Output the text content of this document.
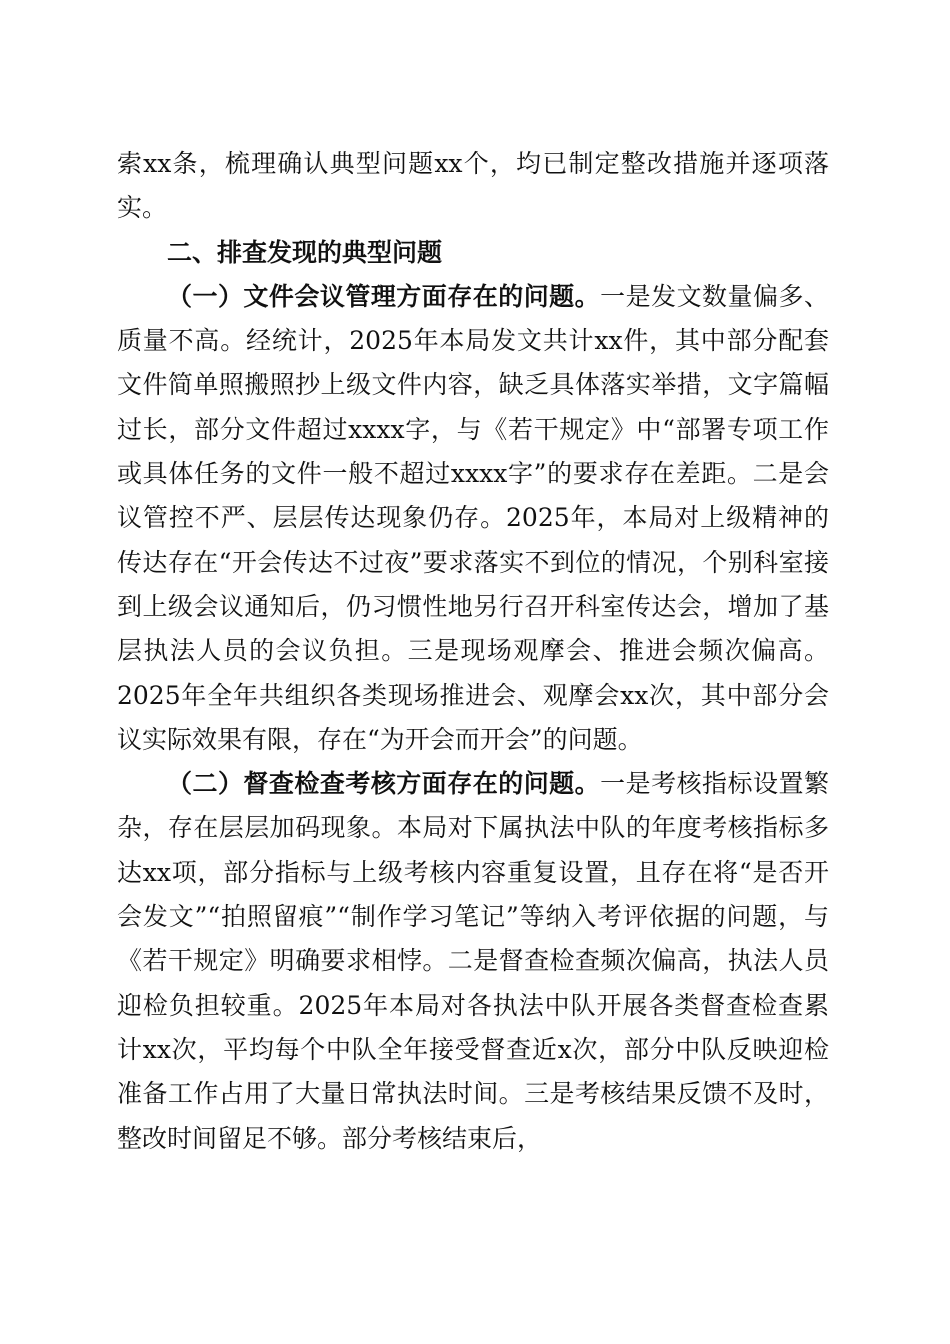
索xx条，梳理确认典型问题xx个，均已制定整改措施并逐项落实。

二、排查发现的典型问题

（一）文件会议管理方面存在的问题。一是发文数量偏多、质量不高。经统计，2025年本局发文共计xx件，其中部分配套文件简单照搬照抄上级文件内容，缺乏具体落实举措，文字篇幅过长，部分文件超过xxxx字，与《若干规定》中“部署专项工作或具体任务的文件一般不超过xxxx字”的要求存在差距。二是会议管控不严、层层传达现象仍存。2025年，本局对上级精神的传达存在“开会传达不过夜”要求落实不到位的情况，个别科室接到上级会议通知后，仍习惯性地另行召开科室传达会，增加了基层执法人员的会议负担。三是现场观摩会、推进会频次偏高。2025年全年共组织各类现场推进会、观摩会xx次，其中部分会议实际效果有限，存在“为开会而开会”的问题。

（二）督查检查考核方面存在的问题。一是考核指标设置繁杂，存在层层加码现象。本局对下属执法中队的年度考核指标多达xx项，部分指标与上级考核内容重复设置，且存在将“是否开会发文”“拍照留痕”“制作学习笔记”等纳入考评依据的问题，与《若干规定》明确要求相悖。二是督查检查频次偏高，执法人员迎检负担较重。2025年本局对各执法中队开展各类督查检查累计xx次，平均每个中队全年接受督查近x次，部分中队反映迎检准备工作占用了大量日常执法时间。三是考核结果反馈不及时，整改时间留足不够。部分考核结束后，
